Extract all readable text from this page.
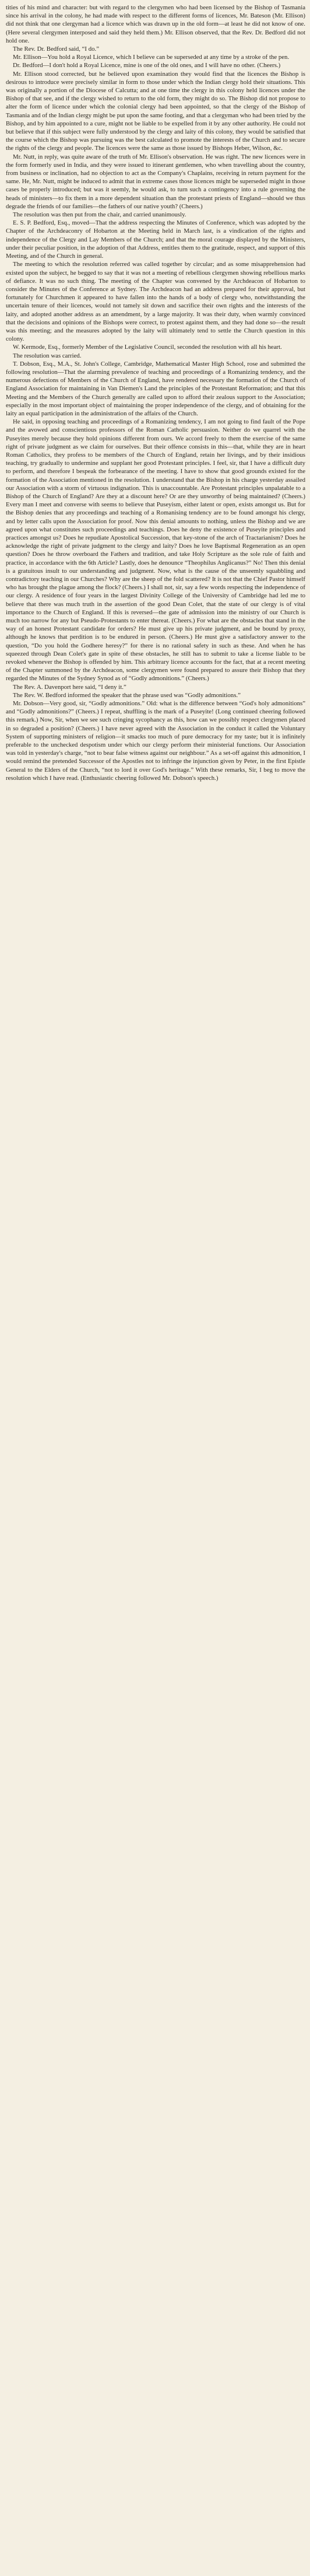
tities of his mind and character: but with regard to the clergymen who had been licensed by the Bishop of Tasmania since his arrival in the colony, he had made with respect to the different forms of licences, Mr. Bateson (Mr. Ellison) did not think that one clergyman had a licence which was drawn up in the old form—at least he did not know of one. (Here several clergymen interposed and said they held them.) Mr. Ellison observed, that the Rev. Dr. Bedford did not hold one.

The Rev. Dr. Bedford said, “I do.”

Mr. Ellison—You hold a Royal Licence, which I believe can be superseded at any time by a stroke of the pen.

Dr. Bedford—I don't hold a Royal Licence, mine is one of the old ones, and I will have no other. (Cheers.)

Mr. Ellison stood corrected, but he believed upon examination they would find that the licences the Bishop is desirous to introduce were precisely similar in form to those under which the Indian clergy hold their situations. This was originally a portion of the Diocese of Calcutta; and at one time the clergy in this colony held licences under the Bishop of that see, and if the clergy wished to return to the old form, they might do so. The Bishop did not propose to alter the form of licence under which the colonial clergy had been appointed, so that the clergy of the Bishop of Tasmania and of the Indian clergy might be put upon the same footing, and that a clergyman who had been tried by the Bishop, and by him appointed to a cure, might not be liable to be expelled from it by any other authority. He could not but believe that if this subject were fully understood by the clergy and laity of this colony, they would be satisfied that the course which the Bishop was pursuing was the best calculated to promote the interests of the Church and to secure the rights of the clergy and people. The licences were the same as those issued by Bishops Heber, Wilson, &c.

Mr. Nutt, in reply, was quite aware of the truth of Mr. Ellison's observation. He was right. The new licences were in the form formerly used in India, and they were issued to itinerant gentlemen, who when travelling about the country, from business or inclination, had no objection to act as the Company's Chaplains, receiving in return payment for the same. He, Mr. Nutt, might be induced to admit that in extreme cases those licences might be superseded might in those cases be properly introduced; but was it seemly, he would ask, to turn such a contingency into a rule governing the heads of ministers—to fix them in a more dependent situation than the protestant priests of England—should we thus degrade the friends of our families—the fathers of our native youth? (Cheers.)

The resolution was then put from the chair, and carried unanimously.

E. S. P. Bedford, Esq., moved—That the address respecting the Minutes of Conference, which was adopted by the Chapter of the Archdeaconry of Hobarton at the Meeting held in March last, is a vindication of the rights and independence of the Clergy and Lay Members of the Church; and that the moral courage displayed by the Ministers, under their peculiar position, in the adoption of that Address, entitles them to the gratitude, respect, and support of this Meeting, and of the Church in general.

The meeting to which the resolution referred was called together by circular; and as some misapprehension had existed upon the subject, he begged to say that it was not a meeting of rebellious clergymen showing rebellious marks of defiance. It was no such thing. The meeting of the Chapter was convened by the Archdeacon of Hobarton to consider the Minutes of the Conference at Sydney. The Archdeacon had an address prepared for their approval, but fortunately for Churchmen it appeared to have fallen into the hands of a body of clergy who, notwithstanding the uncertain tenure of their licences, would not tamely sit down and sacrifice their own rights and the interests of the laity, and adopted another address as an amendment, by a large majority. It was their duty, when warmly convinced that the decisions and opinions of the Bishops were correct, to protest against them, and they had done so—the result was this meeting; and the measures adopted by the laity will ultimately tend to settle the Church question in this colony.

W. Kermode, Esq., formerly Member of the Legislative Council, seconded the resolution with all his heart.

The resolution was carried.

T. Dobson, Esq., M.A., St. John's College, Cambridge, Mathematical Master High School, rose and submitted the following resolution—That the alarming prevalence of teaching and proceedings of a Romanizing tendency, and the numerous defections of Members of the Church of England, have rendered necessary the formation of the Church of England Association for maintaining in Van Diemen's Land the principles of the Protestant Reformation; and that this Meeting and the Members of the Church generally are called upon to afford their zealous support to the Association; especially in the most important object of maintaining the proper independence of the clergy, and of obtaining for the laity an equal participation in the administration of the affairs of the Church.

He said, in opposing teaching and proceedings of a Romanizing tendency, I am not going to find fault of the Pope and the avowed and conscientious professors of the Roman Catholic persuasion. Neither do we quarrel with the Puseyites merely because they hold opinions different from ours. We accord freely to them the exercise of the same right of private judgment as we claim for ourselves. But their offence consists in this—that, while they are in heart Roman Catholics, they profess to be members of the Church of England, retain her livings, and by their insidious teaching, try gradually to undermine and supplant her good Protestant principles. I feel, sir, that I have a difficult duty to perform, and therefore I bespeak the forbearance of the meeting. I have to show that good grounds existed for the formation of the Association mentioned in the resolution. I understand that the Bishop in his charge yesterday assailed our Association with a storm of virtuous indignation. This is unaccountable. Are Protestant principles unpalatable to a Bishop of the Church of England? Are they at a discount here? Or are they unworthy of being maintained? (Cheers.) Every man I meet and converse with seems to believe that Puseyism, either latent or open, exists amongst us. But for the Bishop denies that any proceedings and teaching of a Romanising tendency are to be found amongst his clergy, and by letter calls upon the Association for proof. Now this denial amounts to nothing, unless the Bishop and we are agreed upon what constitutes such proceedings and teachings. Does he deny the existence of Puseyite principles and practices amongst us? Does he repudiate Apostolical Succession, that key-stone of the arch of Tractarianism? Does he acknowledge the right of private judgment to the clergy and laity? Does he love Baptismal Regeneration as an open question? Does he throw overboard the Fathers and tradition, and take Holy Scripture as the sole rule of faith and practice, in accordance with the 6th Article? Lastly, does he denounce “Theophilus Anglicanus?” No! Then this denial is a gratuitous insult to our understanding and judgment. Now, what is the cause of the unseemly squabbling and contradictory teaching in our Churches? Why are the sheep of the fold scattered? It is not that the Chief Pastor himself who has brought the plague among the flock? (Cheers.) I shall not, sir, say a few words respecting the independence of our clergy. A residence of four years in the largest Divinity College of the University of Cambridge had led me to believe that there was much truth in the assertion of the good Dean Colet, that the state of our clergy is of vital importance to the Church of England. If this is reversed—the gate of admission into the ministry of our Church is much too narrow for any but Pseudo-Protestants to enter thereat. (Cheers.) For what are the obstacles that stand in the way of an honest Protestant candidate for orders? He must give up his private judgment, and be bound by proxy, although he knows that perdition is to be endured in person. (Cheers.) He must give a satisfactory answer to the question, “Do you hold the Godhere heresy?” for there is no rational safety in such as these. And when he has squeezed through Dean Colet's gate in spite of these obstacles, he still has to submit to take a license liable to be revoked whenever the Bishop is offended by him. This arbitrary licence accounts for the fact, that at a recent meeting of the Chapter summoned by the Archdeacon, some clergymen were found prepared to assure their Bishop that they regarded the Minutes of the Sydney Synod as of “Godly admonitions.” (Cheers.)

The Rev. A. Davenport here said, “I deny it.”

The Rev. W. Bedford informed the speaker that the phrase used was “Godly admonitions.”

Mr. Dobson—Very good, sir, “Godly admonitions.” Old: what is the difference between “God's holy admonitions” and “Godly admonitions?” (Cheers.) I repeat, shuffling is the mark of a Puseyite! (Long continued cheering followed this remark.) Now, Sir, when we see such cringing sycophancy as this, how can we possibly respect clergymen placed in so degraded a position? (Cheers.) I have never agreed with the Association in the conduct it called the Voluntary System of supporting ministers of religion—it smacks too much of pure democracy for my taste; but it is infinitely preferable to the unchecked despotism under which our clergy perform their ministerial functions. Our Association was told in yesterday's charge, “not to bear false witness against our neighbour.” As a set-off against this admonition, I would remind the pretended Successor of the Apostles not to infringe the injunction given by Peter, in the first Epistle General to the Elders of the Church, “not to lord it over God's heritage.” With these remarks, Sir, I beg to move the resolution which I have read. (Enthusiastic cheering followed Mr. Dobson's speech.)
